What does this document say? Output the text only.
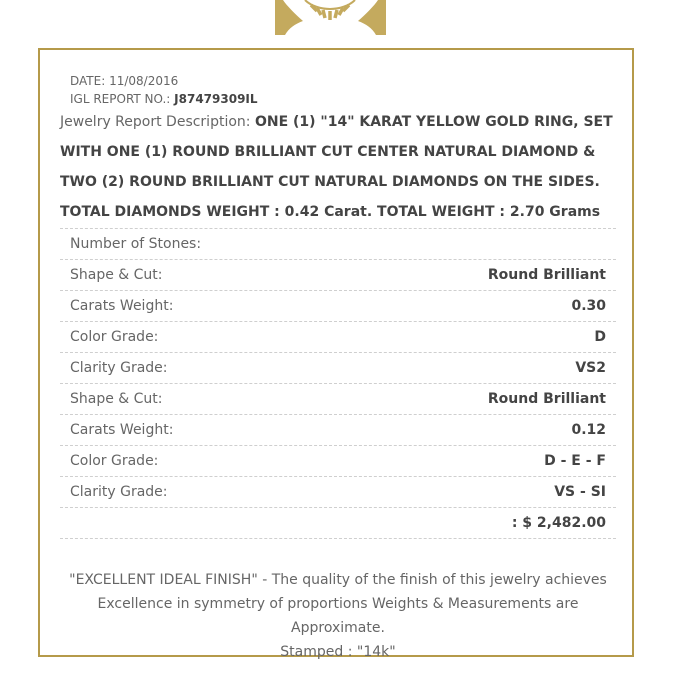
DATE: 11/08/2016
IGL REPORT NO.: J87479309IL
Jewelry Report Description: ONE (1) "14" KARAT YELLOW GOLD RING, SET WITH ONE (1) ROUND BRILLIANT CUT CENTER NATURAL DIAMOND & TWO (2) ROUND BRILLIANT CUT NATURAL DIAMONDS ON THE SIDES. TOTAL DIAMONDS WEIGHT : 0.42 Carat. TOTAL WEIGHT : 2.70 Grams
Number of Stones:
Shape & Cut:	Round Brilliant
Carats Weight:	0.30
Color Grade:	D
Clarity Grade:	VS2
Shape & Cut:	Round Brilliant
Carats Weight:	0.12
Color Grade:	D - E - F
Clarity Grade:	VS - SI
: $ 2,482.00
"EXCELLENT IDEAL FINISH" - The quality of the finish of this jewelry achieves
Excellence in symmetry of proportions Weights & Measurements are Approximate.
Stamped : "14k"
